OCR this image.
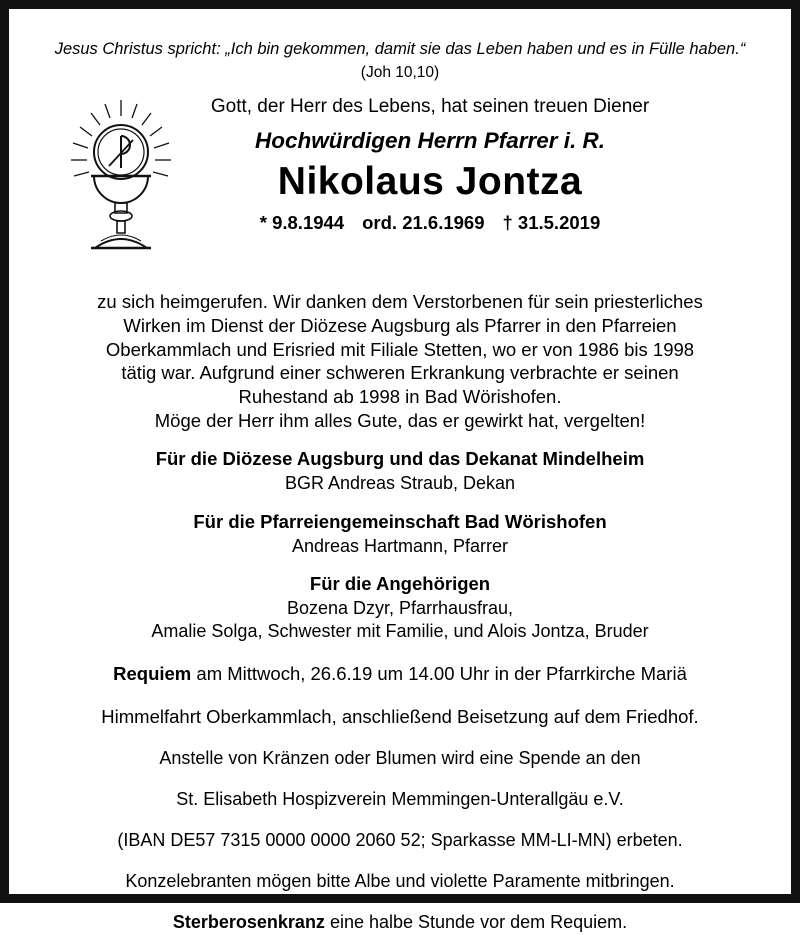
Jesus Christus spricht: „Ich bin gekommen, damit sie das Leben haben und es in Fülle haben.“
(Joh 10,10)
Gott, der Herr des Lebens, hat seinen treuen Diener
Hochwürdigen Herrn Pfarrer i. R.
Nikolaus Jontza
* 9.8.1944 ord. 21.6.1969 † 31.5.2019

zu sich heimgerufen. Wir danken dem Verstorbenen für sein priesterliches

Wirken im Dienst der Diözese Augsburg als Pfarrer in den Pfarreien

Oberkammlach und Erisried mit Filiale Stetten, wo er von 1986 bis 1998

tätig war. Aufgrund einer schweren Erkrankung verbrachte er seinen

Ruhestand ab 1998 in Bad Wörishofen.

Möge der Herr ihm alles Gute, das er gewirkt hat, vergelten!

Für die Diözese Augsburg und das Dekanat Mindelheim

BGR Andreas Straub, Dekan

Für die Pfarreiengemeinschaft Bad Wörishofen

Andreas Hartmann, Pfarrer

Für die Angehörigen

Bozena Dzyr, Pfarrhausfrau,

Amalie Solga, Schwester mit Familie, und Alois Jontza, Bruder

Requiem am Mittwoch, 26.6.19 um 14.00 Uhr in der Pfarrkirche Mariä

Himmelfahrt Oberkammlach, anschließend Beisetzung auf dem Friedhof.

Anstelle von Kränzen oder Blumen wird eine Spende an den

St. Elisabeth Hospizverein Memmingen-Unterallgäu e.V.

(IBAN DE57 7315 0000 0000 2060 52; Sparkasse MM-LI-MN) erbeten.

Konzelebranten mögen bitte Albe und violette Paramente mitbringen.

Sterberosenkranz eine halbe Stunde vor dem Requiem.
